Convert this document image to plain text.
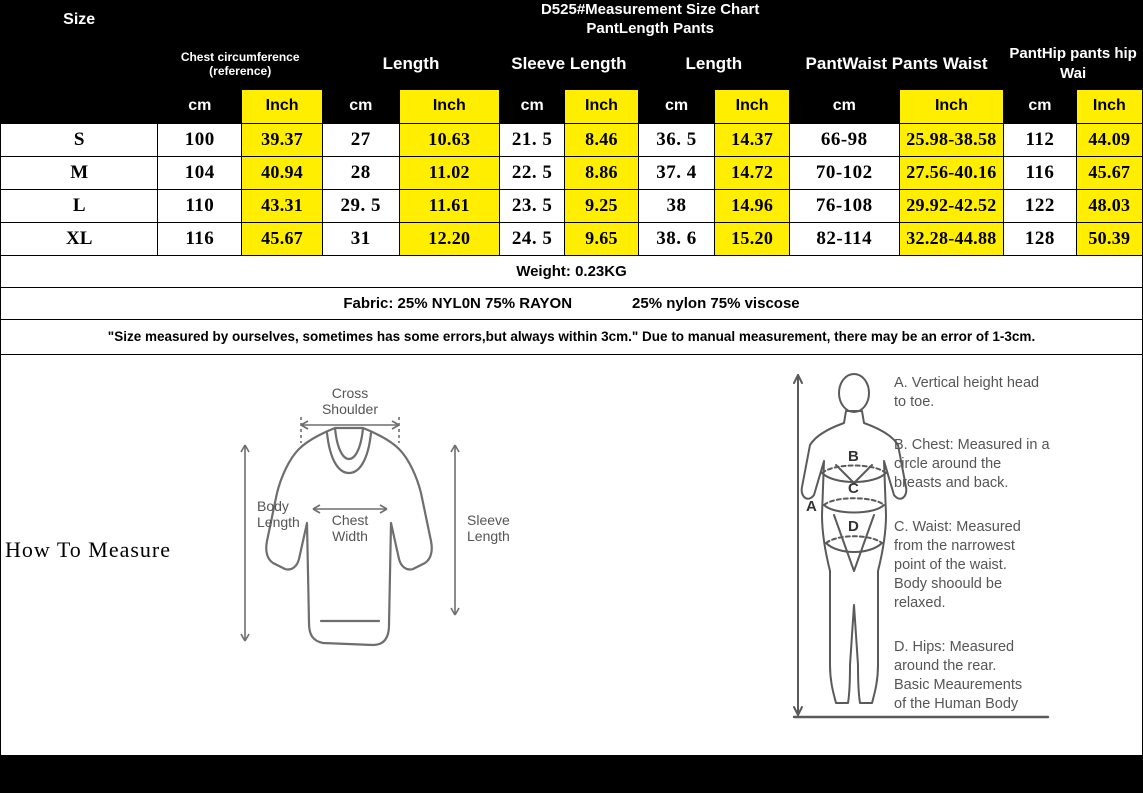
Size	
D525#Measurement Size Chart
PantLength Pants
	Chest circumference (reference)		Length		Sleeve Length		Length		PantWaist Pants Waist		PantHip pants hip Wai	
	cm	Inch	cm	Inch	cm	Inch	cm	Inch	cm	Inch	cm	Inch
S	100	39.37	27	10.63	21. 5	8.46	36. 5	14.37	66-98	25.98-38.58	112	44.09
M	104	40.94	28	11.02	22. 5	8.86	37. 4	14.72	70-102	27.56-40.16	116	45.67
L	110	43.31	29. 5	11.61	23. 5	9.25	38	14.96	76-108	29.92-42.52	122	48.03
XL	116	45.67	31	12.20	24. 5	9.65	38. 6	15.20	82-114	32.28-44.88	128	50.39
Weight: 0.23KG												

Fabric: 25% NYL0N 75% RAYON 25% nylon 75% viscose												

"Size measured by ourselves, sometimes has some errors,but always within 3cm." Due to manual measurement, there may be an error of 1-3cm.												
How To Measure
Cross
Shoulder
Body
Length Chest
Width
Sleeve
Length
A
B
C
D
A. Vertical height head
to toe.
B. Chest: Measured in a
circle around the
breasts and back.
C. Waist: Measured
from the narrowest
point of the waist.
Body shoould be
relaxed.
D. Hips: Measured
around the rear.
Basic Meaurements
of the Human Body
